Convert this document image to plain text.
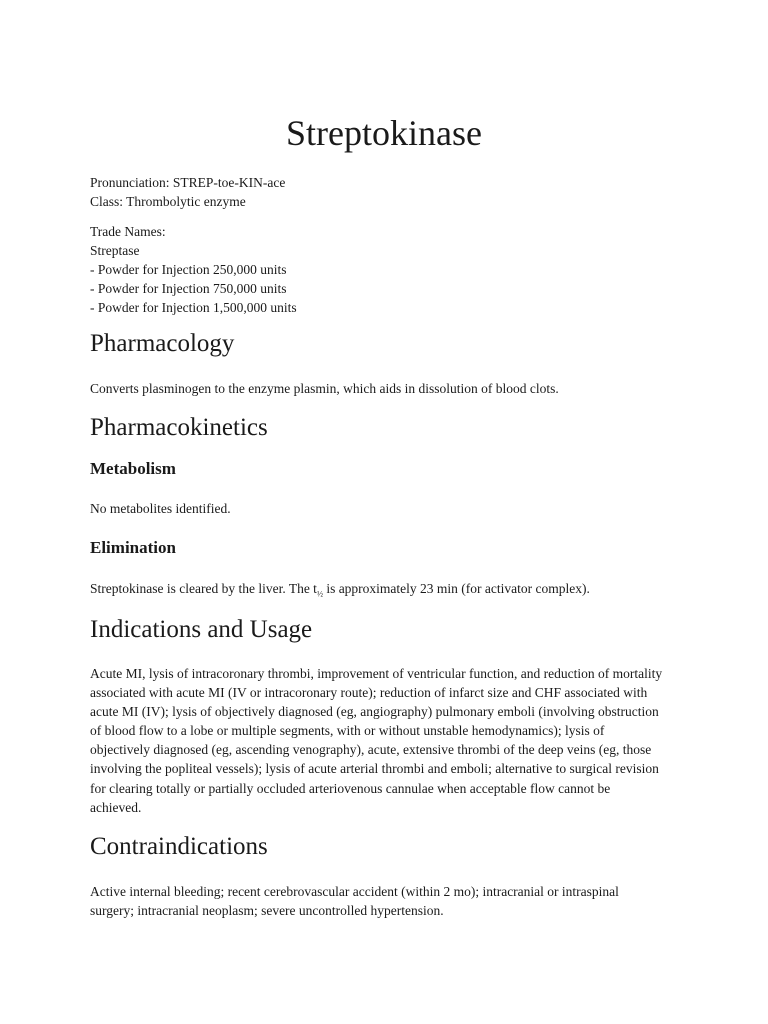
Streptokinase

Pronunciation: STREP-toe-KIN-ace

Class: Thrombolytic enzyme

Trade Names:

Streptase

- Powder for Injection 250,000 units

- Powder for Injection 750,000 units

- Powder for Injection 1,500,000 units

Pharmacology

Converts plasminogen to the enzyme plasmin, which aids in dissolution of blood clots.

Pharmacokinetics
Metabolism

No metabolites identified.

Elimination

Streptokinase is cleared by the liver. The $t_{\frac{1}{2}}$ is approximately 23 min (for activator complex).

Indications and Usage
Acute MI, lysis of intracoronary thrombi, improvement of ventricular function, and reduction of mortality
associated with acute MI (IV or intracoronary route); reduction of infarct size and CHF associated with
acute MI (IV); lysis of objectively diagnosed (eg, angiography) pulmonary emboli (involving obstruction
of blood flow to a lobe or multiple segments, with or without unstable hemodynamics); lysis of
objectively diagnosed (eg, ascending venography), acute, extensive thrombi of the deep veins (eg, those
involving the popliteal vessels); lysis of acute arterial thrombi and emboli; alternative to surgical revision
for clearing totally or partially occluded arteriovenous cannulae when acceptable flow cannot be
achieved.
Contraindications
Active internal bleeding; recent cerebrovascular accident (within 2 mo); intracranial or intraspinal
surgery; intracranial neoplasm; severe uncontrolled hypertension.
